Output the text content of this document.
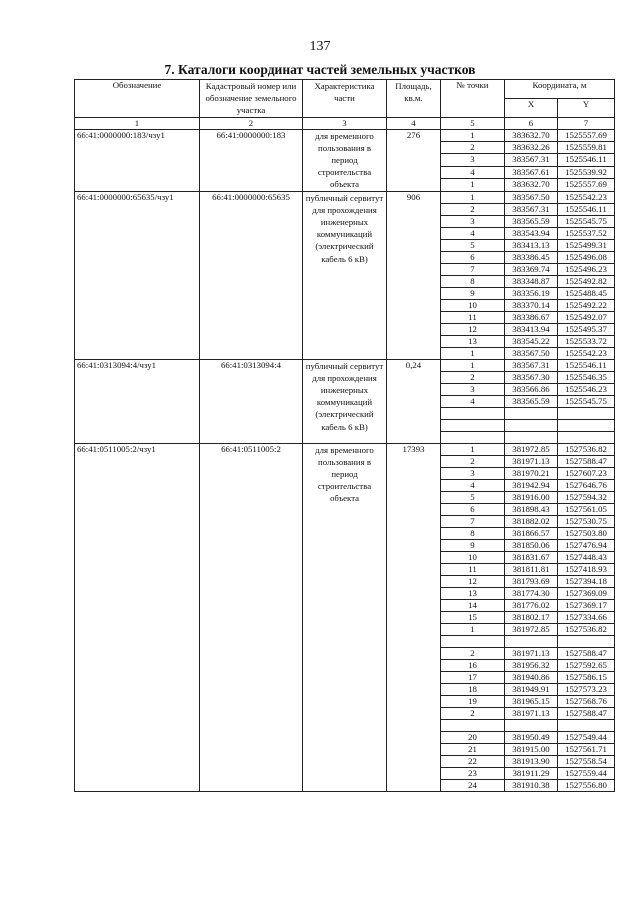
137
7. Каталоги координат частей земельных участков
Обозначение	Кадастровый номер или обозначение земельного участка	Характеристика части	Площадь, кв.м.	№ точки	Координата, м	
					X	Y
1	2	3	4	5	6	7
66:41:0000000:183/чзу1	66:41:0000000:183	для временного пользования в период строительства объекта	276	1	383632.70	1525557.69
				2	383632.26	1525559.81
				3	383567.31	1525546.11
				4	383567.61	1525539.92
				1	383632.70	1525557.69
66:41:0000000:65635/чзу1	66:41:0000000:65635	публичный сервитут для прохождения инженерных коммуникаций (электрический кабель 6 кВ)	906	1	383567.50	1525542.23
				2	383567.31	1525546.11
				3	383565.59	1525545.75
				4	383543.94	1525537.52
				5	383413.13	1525499.31
				6	383386.45	1525496.08
				7	383369.74	1525496.23
				8	383348.87	1525492.82
				9	383356.19	1525488.45
				10	383370.14	1525492.22
				11	383386.67	1525492.07
				12	383413.94	1525495.37
				13	383545.22	1525533.72
				1	383567.50	1525542.23
66:41:0313094:4/чзу1	66:41:0313094:4	публичный сервитут для прохождения инженерных коммуникаций (электрический кабель 6 кВ)	0,24	1	383567.31	1525546.11
				2	383567.30	1525546.35
				3	383566.86	1525546.23
				4	383565.59	1525545.75

66:41:0511005:2/чзу1	66:41:0511005:2	для временного пользования в период строительства объекта	17393	1	381972.85	1527536.82
				2	381971.13	1527588.47
				3	381970.21	1527607.23
				4	381942.94	1527646.76
				5	381916.00	1527594.32
				6	381898.43	1527561.05
				7	381882.02	1527530.75
				8	381866.57	1527503.80
				9	381850.06	1527476.94
				10	381831.67	1527448.43
				11	381811.81	1527418.93
				12	381793.69	1527394.18
				13	381774.30	1527369.09
				14	381776.02	1527369.17
				15	381802.17	1527334.66
				1	381972.85	1527536.82

				2	381971.13	1527588.47
				16	381956.32	1527592.65
				17	381940.86	1527586.15
				18	381949.91	1527573.23
				19	381965.15	1527568.76
				2	381971.13	1527588.47

				20	381950.49	1527549.44
				21	381915.00	1527561.71
				22	381913.90	1527558.54
				23	381911.29	1527559.44
				24	381910.38	1527556.80
